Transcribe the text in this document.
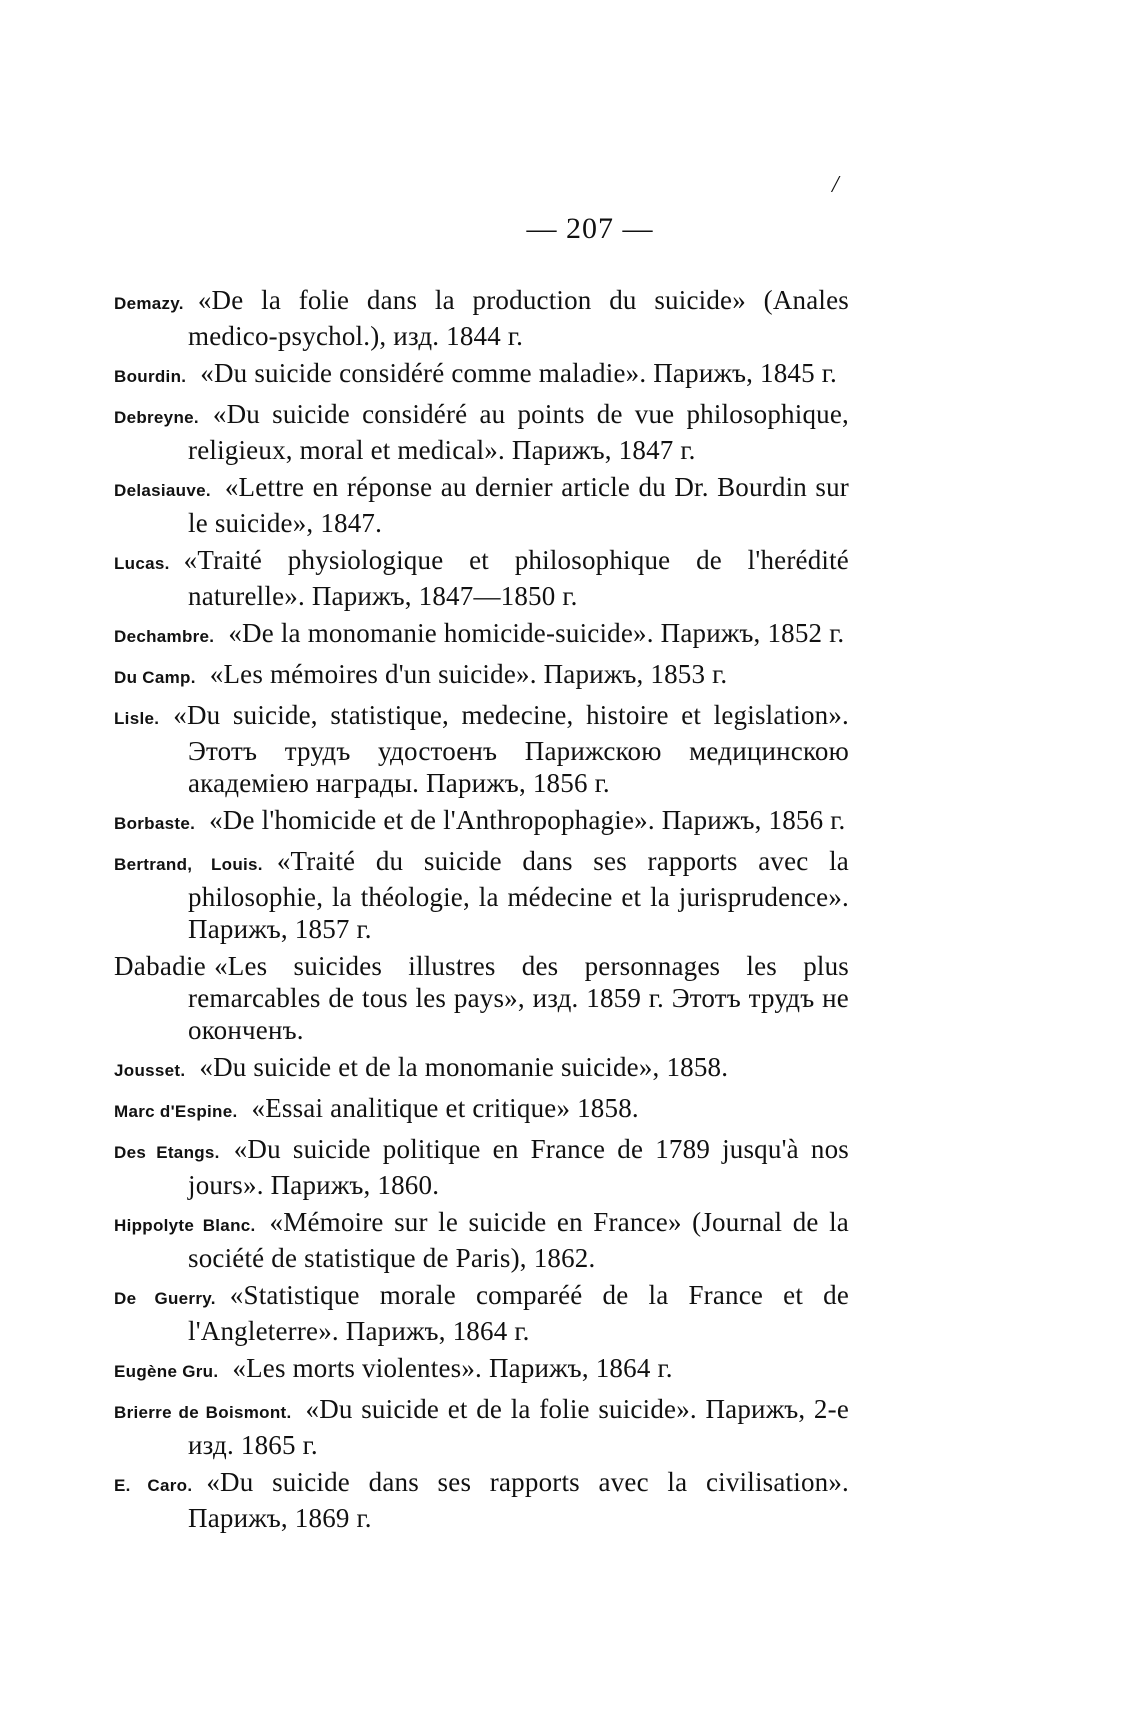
/
— 207 —

Demazy. «De la folie dans la production du suicide» (Anales medico-psychol.), изд. 1844 г.

Bourdin. «Du suicide considéré comme maladie». Парижъ, 1845 г.

Debreyne. «Du suicide considéré au points de vue philosophique, religieux, moral et medical». Парижъ, 1847 г.

Delasiauve. «Lettre en réponse au dernier article du Dr. Bourdin sur le suicide», 1847.

Lucas. «Traité physiologique et philosophique de l'herédité naturelle». Парижъ, 1847—1850 г.

Dechambre. «De la monomanie homicide-suicide». Парижъ, 1852 г.

Du Camp. «Les mémoires d'un suicide». Парижъ, 1853 г.

Lisle. «Du suicide, statistique, medecine, histoire et legislation». Этотъ трудъ удостоенъ Парижскою медицинскою академiею награды. Парижъ, 1856 г.

Borbaste. «De l'homicide et de l'Anthropophagie». Парижъ, 1856 г.

Bertrand, Louis. «Traité du suicide dans ses rapports avec la philosophie, la théologie, la médecine et la jurisprudence». Парижъ, 1857 г.

Dabadie «Les suicides illustres des personnages les plus remarcables de tous les pays», изд. 1859 г. Этотъ трудъ не оконченъ.

Jousset. «Du suicide et de la monomanie suicide», 1858.

Marc d'Espine. «Essai analitique et critique» 1858.

Des Etangs. «Du suicide politique en France de 1789 jusqu'à nos jours». Парижъ, 1860.

Hippolyte Blanc. «Mémoire sur le suicide en France» (Journal de la société de statistique de Paris), 1862.

De Guerry. «Statistique morale comparéé de la France et de l'Angleterre». Парижъ, 1864 г.

Eugène Gru. «Les morts violentes». Парижъ, 1864 г.

Brierre de Boismont. «Du suicide et de la folie suicide». Парижъ, 2-е изд. 1865 г.

E. Caro. «Du suicide dans ses rapports avec la civilisation». Парижъ, 1869 г.
